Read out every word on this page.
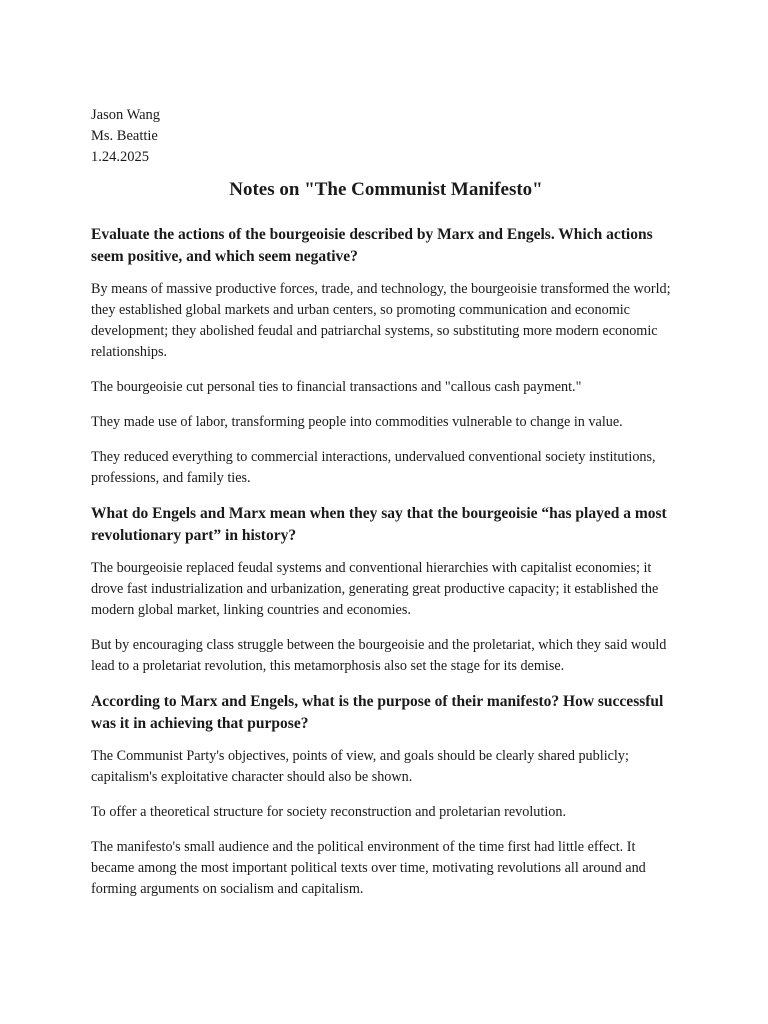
Jason Wang

Ms. Beattie

1.24.2025

Notes on "The Communist Manifesto"
Evaluate the actions of the bourgeoisie described by Marx and Engels. Which actions seem positive, and which seem negative?

By means of massive productive forces, trade, and technology, the bourgeoisie transformed the world; they established global markets and urban centers, so promoting communication and economic development; they abolished feudal and patriarchal systems, so substituting more modern economic relationships.

The bourgeoisie cut personal ties to financial transactions and "callous cash payment."

They made use of labor, transforming people into commodities vulnerable to change in value.

They reduced everything to commercial interactions, undervalued conventional society institutions, professions, and family ties.

What do Engels and Marx mean when they say that the bourgeoisie “has played a most revolutionary part” in history?

The bourgeoisie replaced feudal systems and conventional hierarchies with capitalist economies; it drove fast industrialization and urbanization, generating great productive capacity; it established the modern global market, linking countries and economies.

But by encouraging class struggle between the bourgeoisie and the proletariat, which they said would lead to a proletariat revolution, this metamorphosis also set the stage for its demise.

According to Marx and Engels, what is the purpose of their manifesto? How successful was it in achieving that purpose?

The Communist Party's objectives, points of view, and goals should be clearly shared publicly; capitalism's exploitative character should also be shown.

To offer a theoretical structure for society reconstruction and proletarian revolution.

The manifesto's small audience and the political environment of the time first had little effect. It became among the most important political texts over time, motivating revolutions all around and forming arguments on socialism and capitalism.
